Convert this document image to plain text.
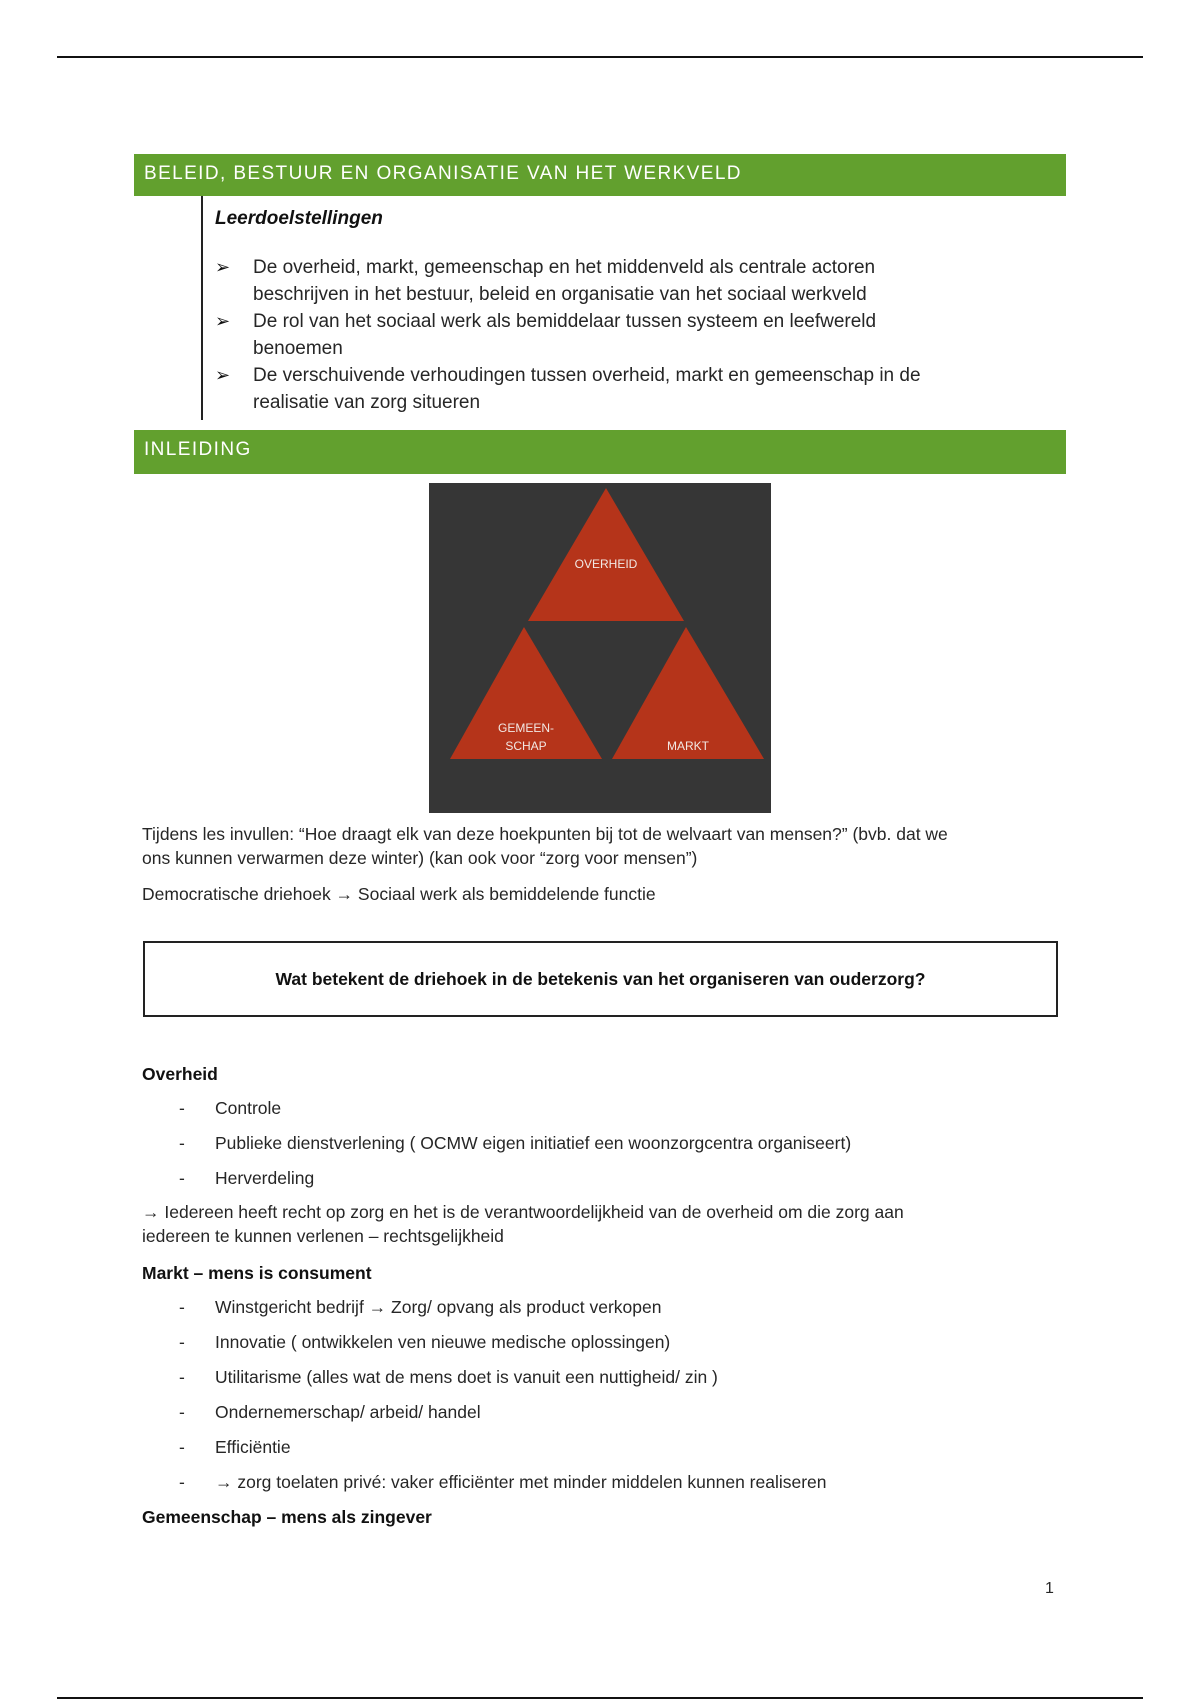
BELEID, BESTUUR EN ORGANISATIE VAN HET WERKVELD
Leerdoelstellingen
➢ De overheid, markt, gemeenschap en het middenveld als centrale actoren
beschrijven in het bestuur, beleid en organisatie van het sociaal werkveld
➢ De rol van het sociaal werk als bemiddelaar tussen systeem en leefwereld
benoemen
➢ De verschuivende verhoudingen tussen overheid, markt en gemeenschap in de
realisatie van zorg situeren
INLEIDING
OVERHEID
GEMEEN-
SCHAP	MARKT
Tijdens les invullen: “Hoe draagt elk van deze hoekpunten bij tot de welvaart van mensen?” (bvb. dat we
ons kunnen verwarmen deze winter) (kan ook voor “zorg voor mensen”)
Democratische driehoek → Sociaal werk als bemiddelende functie
Wat betekent de driehoek in de betekenis van het organiseren van ouderzorg?
Overheid
- Controle
- Publieke dienstverlening ( OCMW eigen initiatief een woonzorgcentra organiseert)
- Herverdeling
→ Iedereen heeft recht op zorg en het is de verantwoordelijkheid van de overheid om die zorg aan
iedereen te kunnen verlenen – rechtsgelijkheid
Markt – mens is consument
- Winstgericht bedrijf → Zorg/ opvang als product verkopen
- Innovatie ( ontwikkelen ven nieuwe medische oplossingen)
- Utilitarisme (alles wat de mens doet is vanuit een nuttigheid/ zin )
- Ondernemerschap/ arbeid/ handel
- Efficiëntie
- → zorg toelaten privé: vaker efficiënter met minder middelen kunnen realiseren
Gemeenschap – mens als zingever
1
